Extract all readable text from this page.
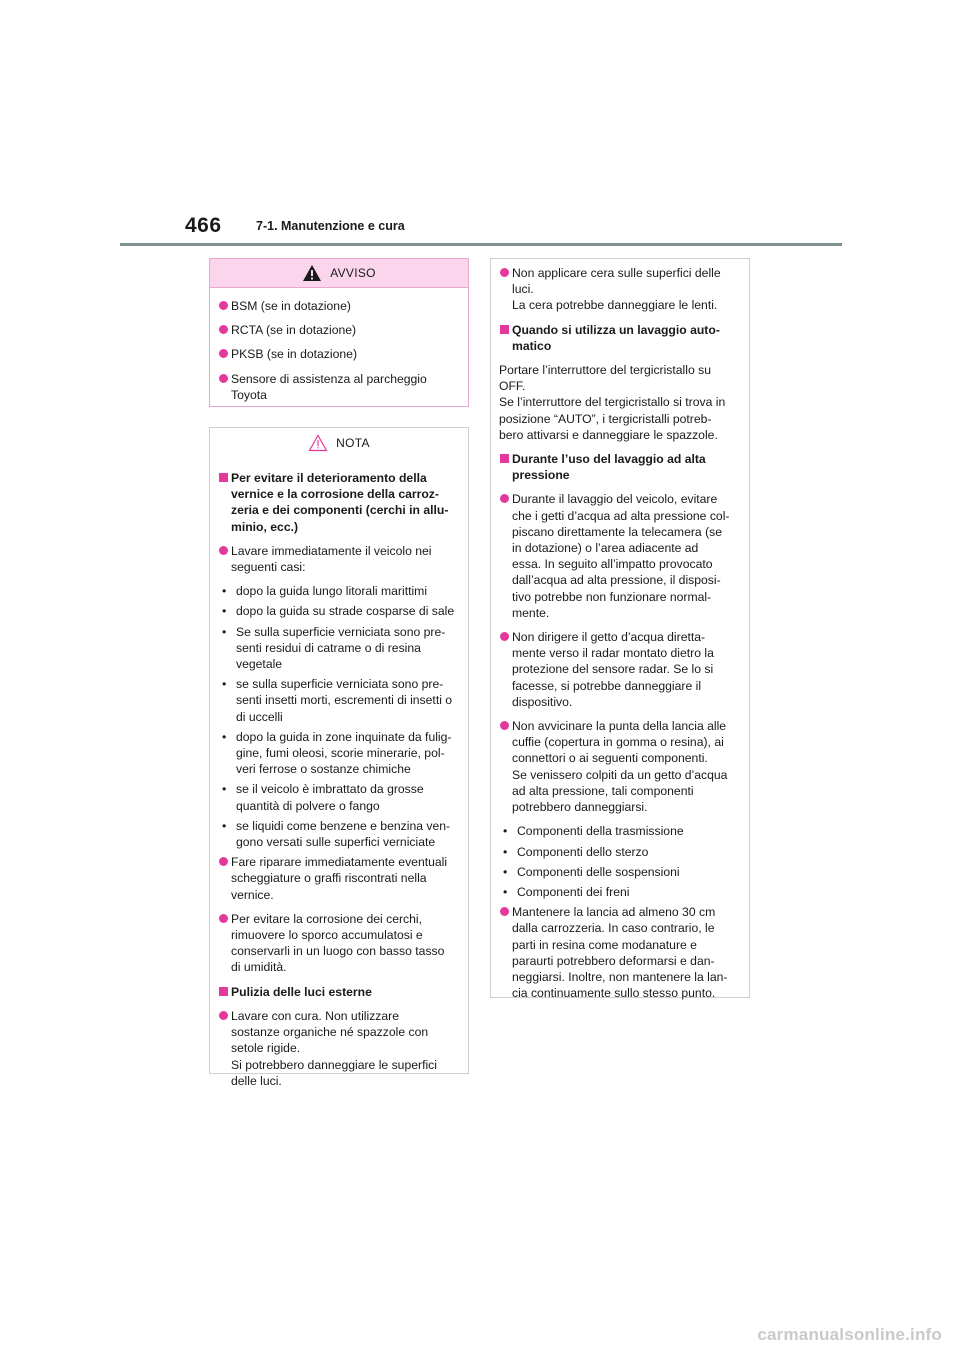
466	7-1. Manutenzione e cura
AVVISO
BSM (se in dotazione)
RCTA (se in dotazione)
PKSB (se in dotazione)
Sensore di assistenza al parcheggio
Toyota
NOTA
Per evitare il deterioramento della
vernice e la corrosione della carroz-
zeria e dei componenti (cerchi in allu-
minio, ecc.)
Lavare immediatamente il veicolo nei
seguenti casi:
• dopo la guida lungo litorali marittimi
• dopo la guida su strade cosparse di sale
• Se sulla superficie verniciata sono pre-
senti residui di catrame o di resina
vegetale
• se sulla superficie verniciata sono pre-
senti insetti morti, escrementi di insetti o
di uccelli
• dopo la guida in zone inquinate da fulig-
gine, fumi oleosi, scorie minerarie, pol-
veri ferrose o sostanze chimiche
• se il veicolo è imbrattato da grosse
quantità di polvere o fango
• se liquidi come benzene e benzina ven-
gono versati sulle superfici verniciate
Fare riparare immediatamente eventuali
scheggiature o graffi riscontrati nella
vernice.
Per evitare la corrosione dei cerchi,
rimuovere lo sporco accumulatosi e
conservarli in un luogo con basso tasso
di umidità.
Pulizia delle luci esterne
Lavare con cura. Non utilizzare
sostanze organiche né spazzole con
setole rigide.
Si potrebbero danneggiare le superfici
delle luci.
Non applicare cera sulle superfici delle
luci.
La cera potrebbe danneggiare le lenti.
Quando si utilizza un lavaggio auto-
matico
Portare l’interruttore del tergicristallo su
OFF.
Se l’interruttore del tergicristallo si trova in
posizione “AUTO”, i tergicristalli potreb-
bero attivarsi e danneggiare le spazzole.
Durante l’uso del lavaggio ad alta
pressione
Durante il lavaggio del veicolo, evitare
che i getti d’acqua ad alta pressione col-
piscano direttamente la telecamera (se
in dotazione) o l’area adiacente ad
essa. In seguito all’impatto provocato
dall’acqua ad alta pressione, il disposi-
tivo potrebbe non funzionare normal-
mente.
Non dirigere il getto d’acqua diretta-
mente verso il radar montato dietro la
protezione del sensore radar. Se lo si
facesse, si potrebbe danneggiare il
dispositivo.
Non avvicinare la punta della lancia alle
cuffie (copertura in gomma o resina), ai
connettori o ai seguenti componenti.
Se venissero colpiti da un getto d’acqua
ad alta pressione, tali componenti
potrebbero danneggiarsi.
• Componenti della trasmissione
• Componenti dello sterzo
• Componenti delle sospensioni
• Componenti dei freni
Mantenere la lancia ad almeno 30 cm
dalla carrozzeria. In caso contrario, le
parti in resina come modanature e
paraurti potrebbero deformarsi e dan-
neggiarsi. Inoltre, non mantenere la lan-
cia continuamente sullo stesso punto.
carmanualsonline.info
